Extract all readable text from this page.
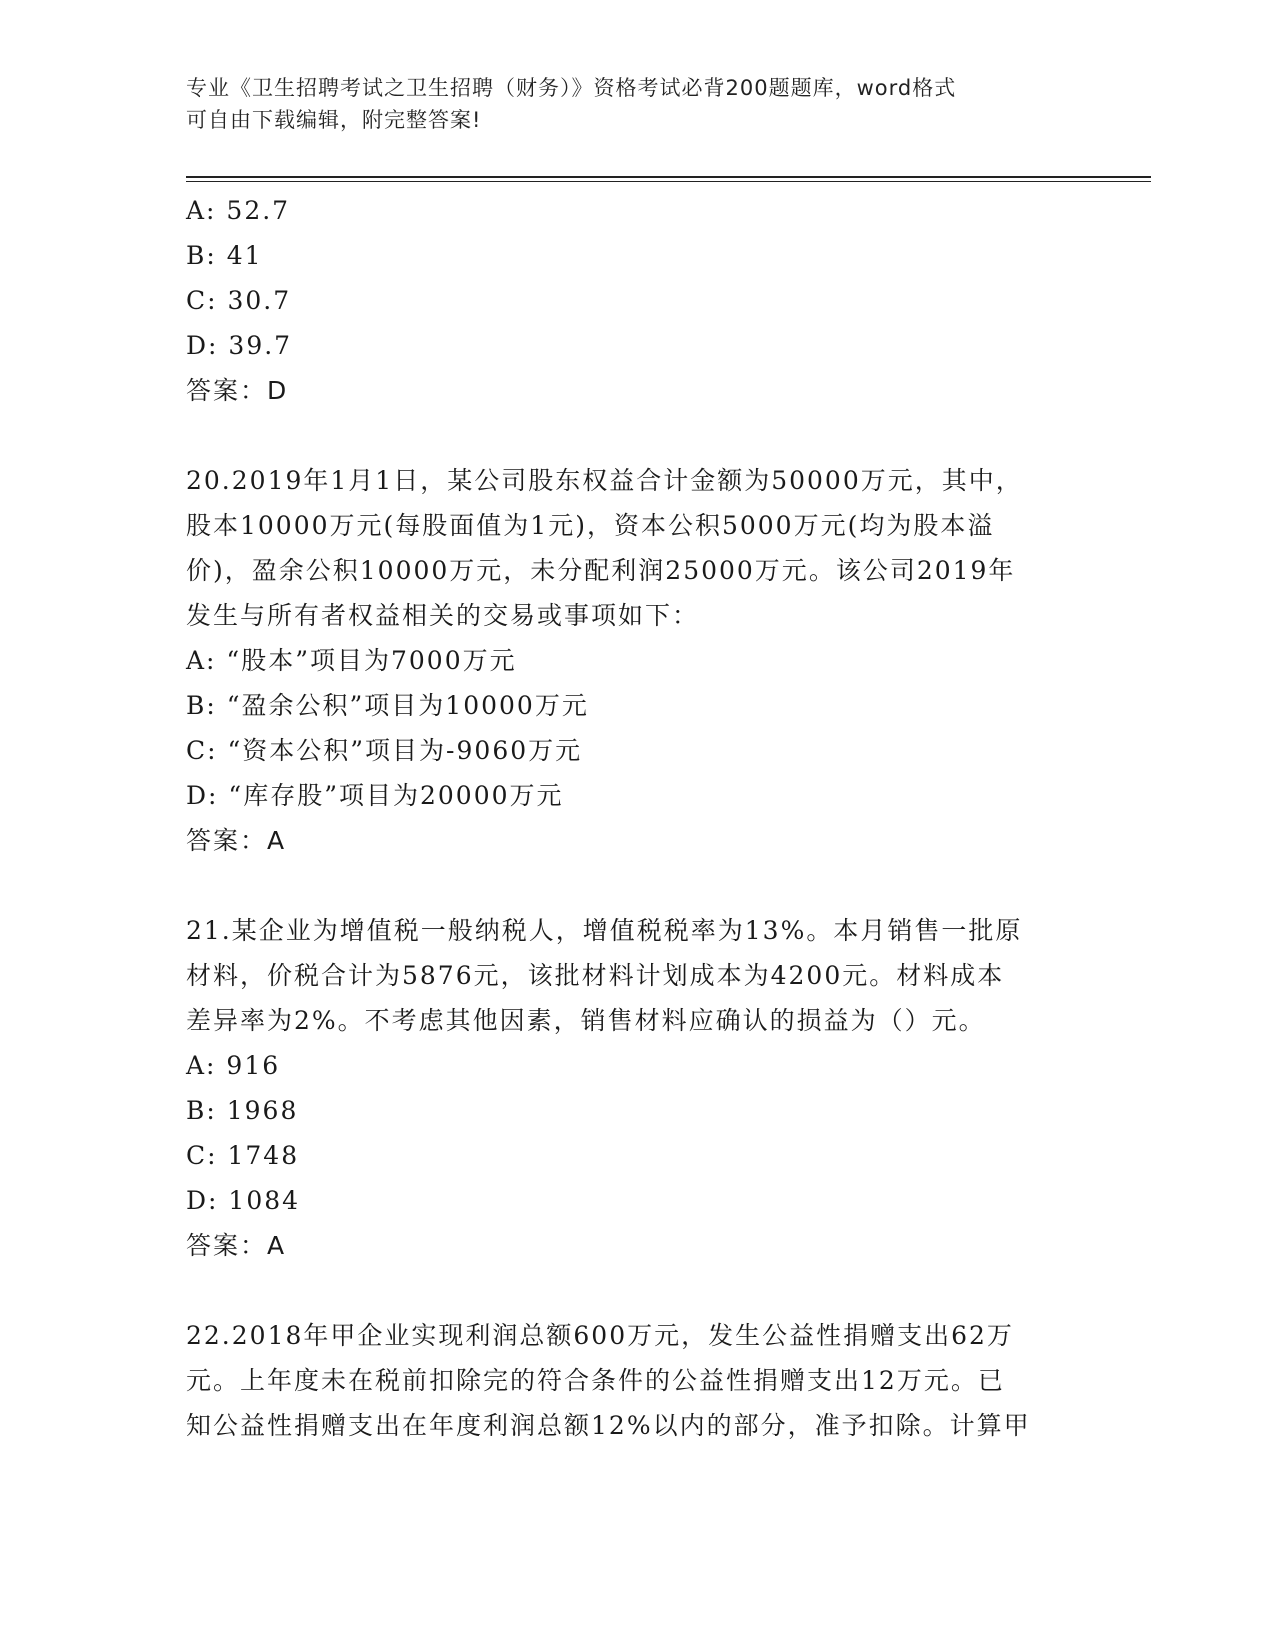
专业《卫生招聘考试之卫生招聘（财务）》资格考试必背200题题库，word格式
可自由下载编辑，附完整答案!
A: 52.7
B: 41
C: 30.7
D: 39.7
答案：D
20.2019年1月1日，某公司股东权益合计金额为50000万元，其中，
股本10000万元(每股面值为1元)，资本公积5000万元(均为股本溢
价)，盈余公积10000万元，未分配利润25000万元。该公司2019年
发生与所有者权益相关的交易或事项如下：
A: “股本”项目为7000万元
B: “盈余公积”项目为10000万元
C: “资本公积”项目为-9060万元
D: “库存股”项目为20000万元
答案：A
21.某企业为增值税一般纳税人，增值税税率为13%。本月销售一批原
材料，价税合计为5876元，该批材料计划成本为4200元。材料成本
差异率为2%。不考虑其他因素，销售材料应确认的损益为（）元。
A: 916
B: 1968
C: 1748
D: 1084
答案：A
22.2018年甲企业实现利润总额600万元，发生公益性捐赠支出62万
元。上年度未在税前扣除完的符合条件的公益性捐赠支出12万元。已
知公益性捐赠支出在年度利润总额12%以内的部分，准予扣除。计算甲
